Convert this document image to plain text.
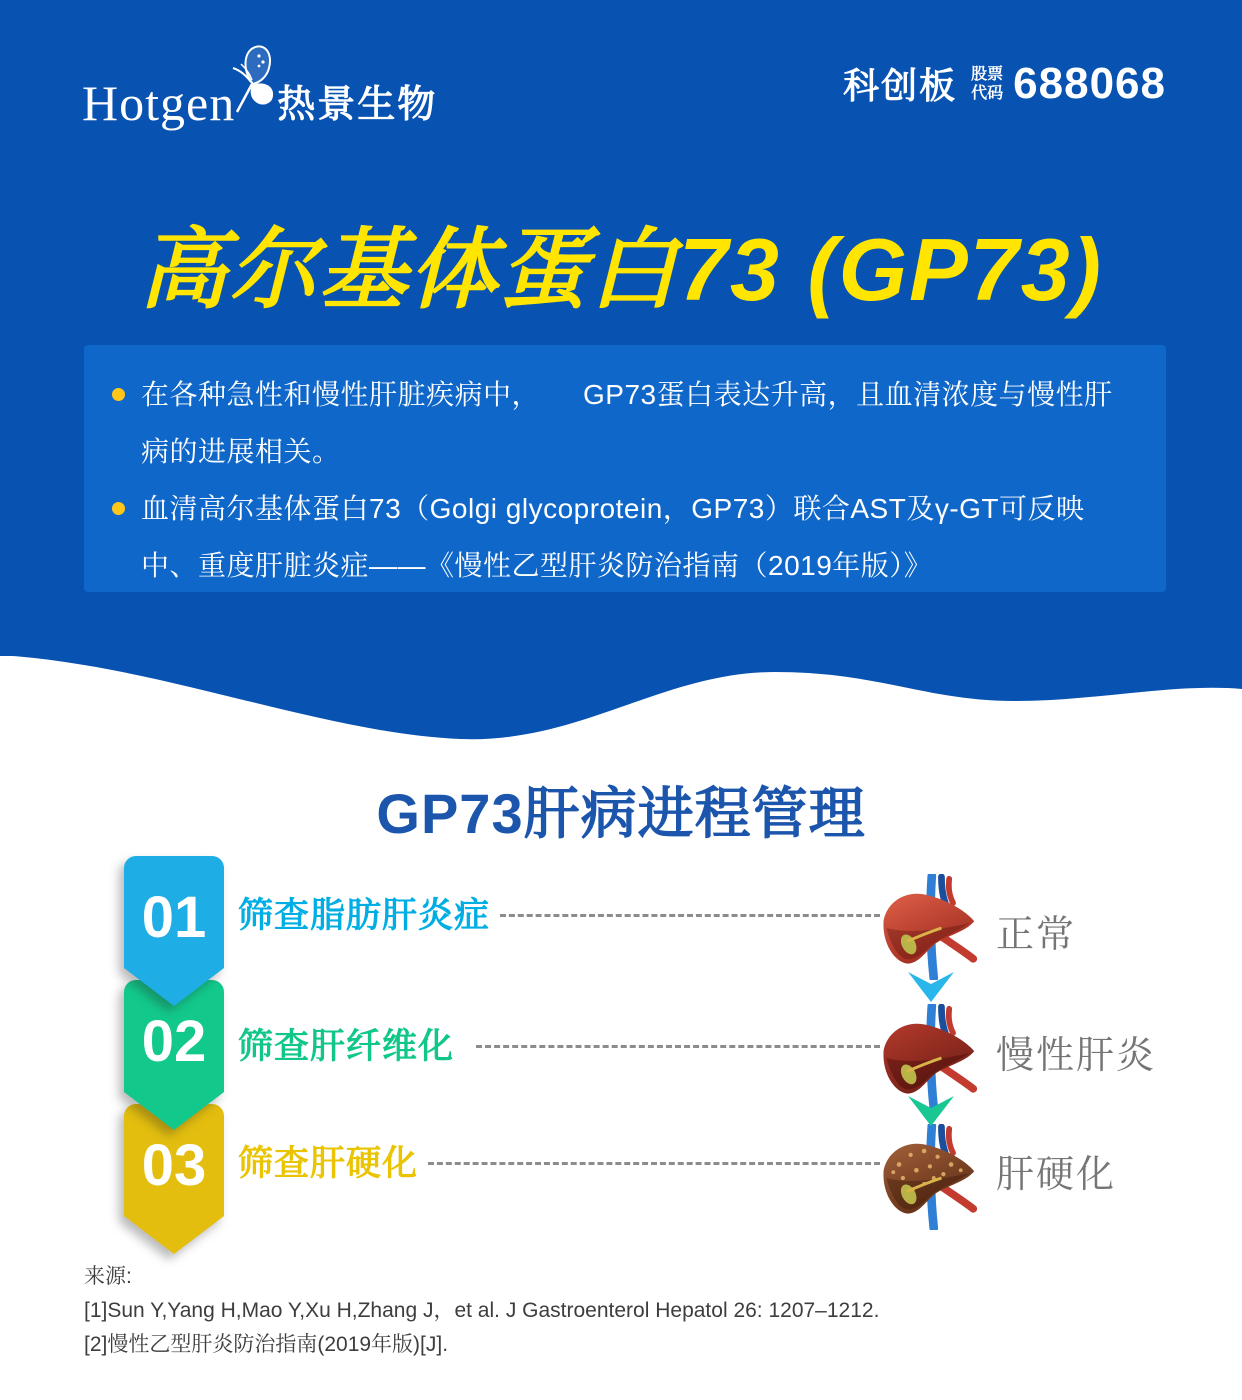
Hotgen 热景生物	科创板 股票
代码 688068
高尔基体蛋白73 (GP73)
在各种急性和慢性肝脏疾病中，　　GP73蛋白表达升高，且血清浓度与慢性肝病的进展相关。
血清高尔基体蛋白73（Golgi glycoprotein，GP73）联合AST及γ-GT可反映中、重度肝脏炎症——《慢性乙型肝炎防治指南（2019年版）》
GP73肝病进程管理
01
02
03
筛查脂肪肝炎症
筛查肝纤维化
筛查肝硬化
正常
慢性肝炎
肝硬化
来源:
[1]Sun Y,Yang H,Mao Y,Xu H,Zhang J，et al. J Gastroenterol Hepatol 26: 1207–1212.
[2]慢性乙型肝炎防治指南(2019年版)[J].
